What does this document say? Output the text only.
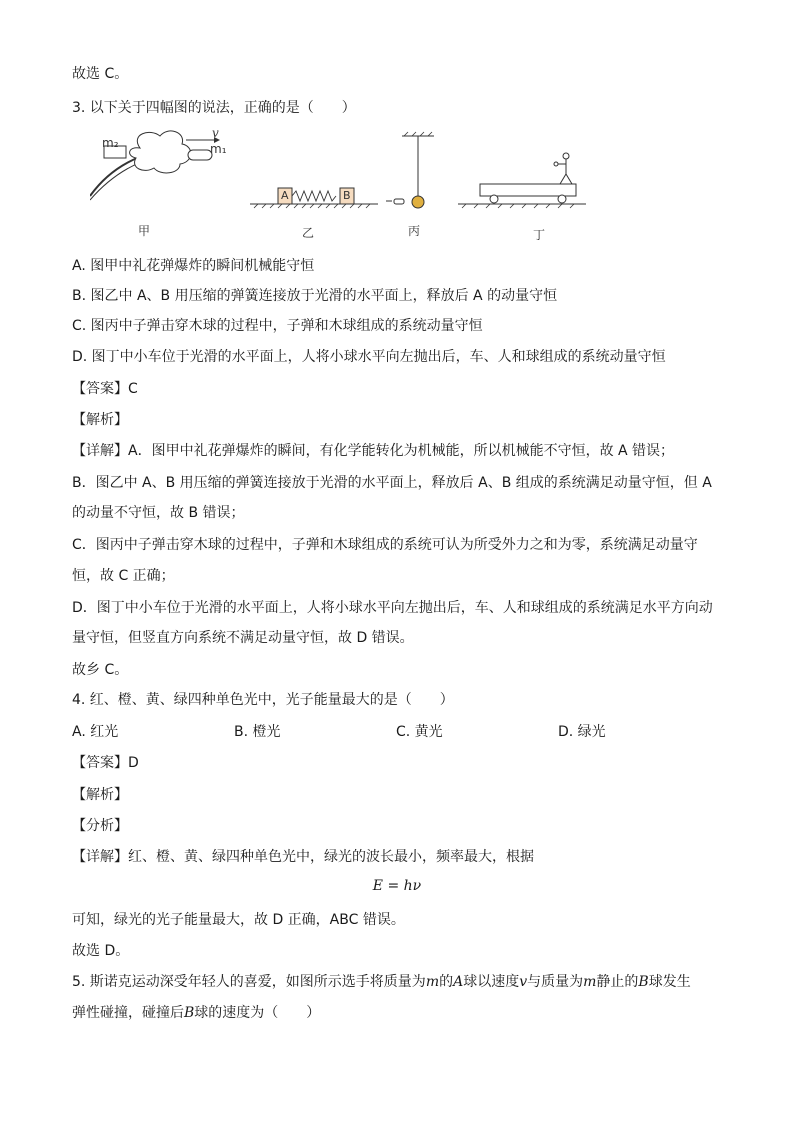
故选 C。
3. 以下关于四幅图的说法，正确的是（　　）
m₂
v
m₁
A	B
甲	乙	丙	丁
A. 图甲中礼花弹爆炸的瞬间机械能守恒
B. 图乙中 A、B 用压缩的弹簧连接放于光滑的水平面上，释放后 A 的动量守恒
C. 图丙中子弹击穿木球的过程中，子弹和木球组成的系统动量守恒
D. 图丁中小车位于光滑的水平面上，人将小球水平向左抛出后，车、人和球组成的系统动量守恒
【答案】C
【解析】
【详解】A．图甲中礼花弹爆炸的瞬间，有化学能转化为机械能，所以机械能不守恒，故 A 错误；
B．图乙中 A、B 用压缩的弹簧连接放于光滑的水平面上，释放后 A、B 组成的系统满足动量守恒，但 A
的动量不守恒，故 B 错误；
C．图丙中子弹击穿木球的过程中，子弹和木球组成的系统可认为所受外力之和为零，系统满足动量守
恒，故 C 正确；
D．图丁中小车位于光滑的水平面上，人将小球水平向左抛出后，车、人和球组成的系统满足水平方向动
量守恒，但竖直方向系统不满足动量守恒，故 D 错误。
故乡 C。
4. 红、橙、黄、绿四种单色光中，光子能量最大的是（　　）
A. 红光	B. 橙光	C. 黄光	D. 绿光
【答案】D
【解析】
【分析】
【详解】红、橙、黄、绿四种单色光中，绿光的波长最小，频率最大，根据
E = hν
可知，绿光的光子能量最大，故 D 正确，ABC 错误。
故选 D。
5. 斯诺克运动深受年轻人的喜爱，如图所示选手将质量为m的A球以速度v与质量为m静止的B球发生
弹性碰撞，碰撞后B球的速度为（　　）
